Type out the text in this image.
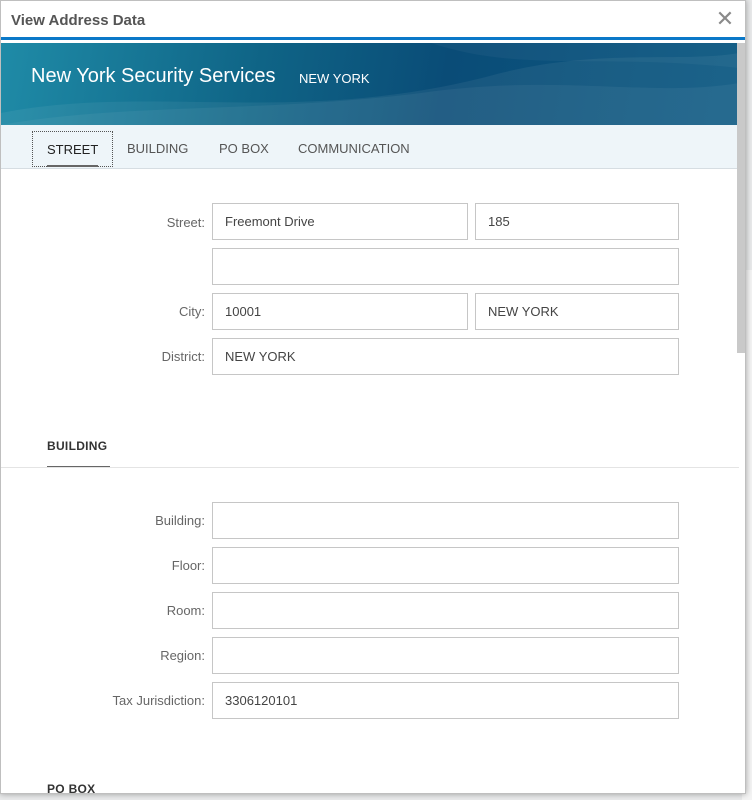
View Address Data	✕
New York Security Services NEW YORK
STREET	BUILDING	PO BOX	COMMUNICATION
Street:
Freemont Drive
185
City:
10001
NEW YORK
District:
NEW YORK
BUILDING
Building:
Floor:
Room:
Region:
Tax Jurisdiction:
3306120101
PO BOX
